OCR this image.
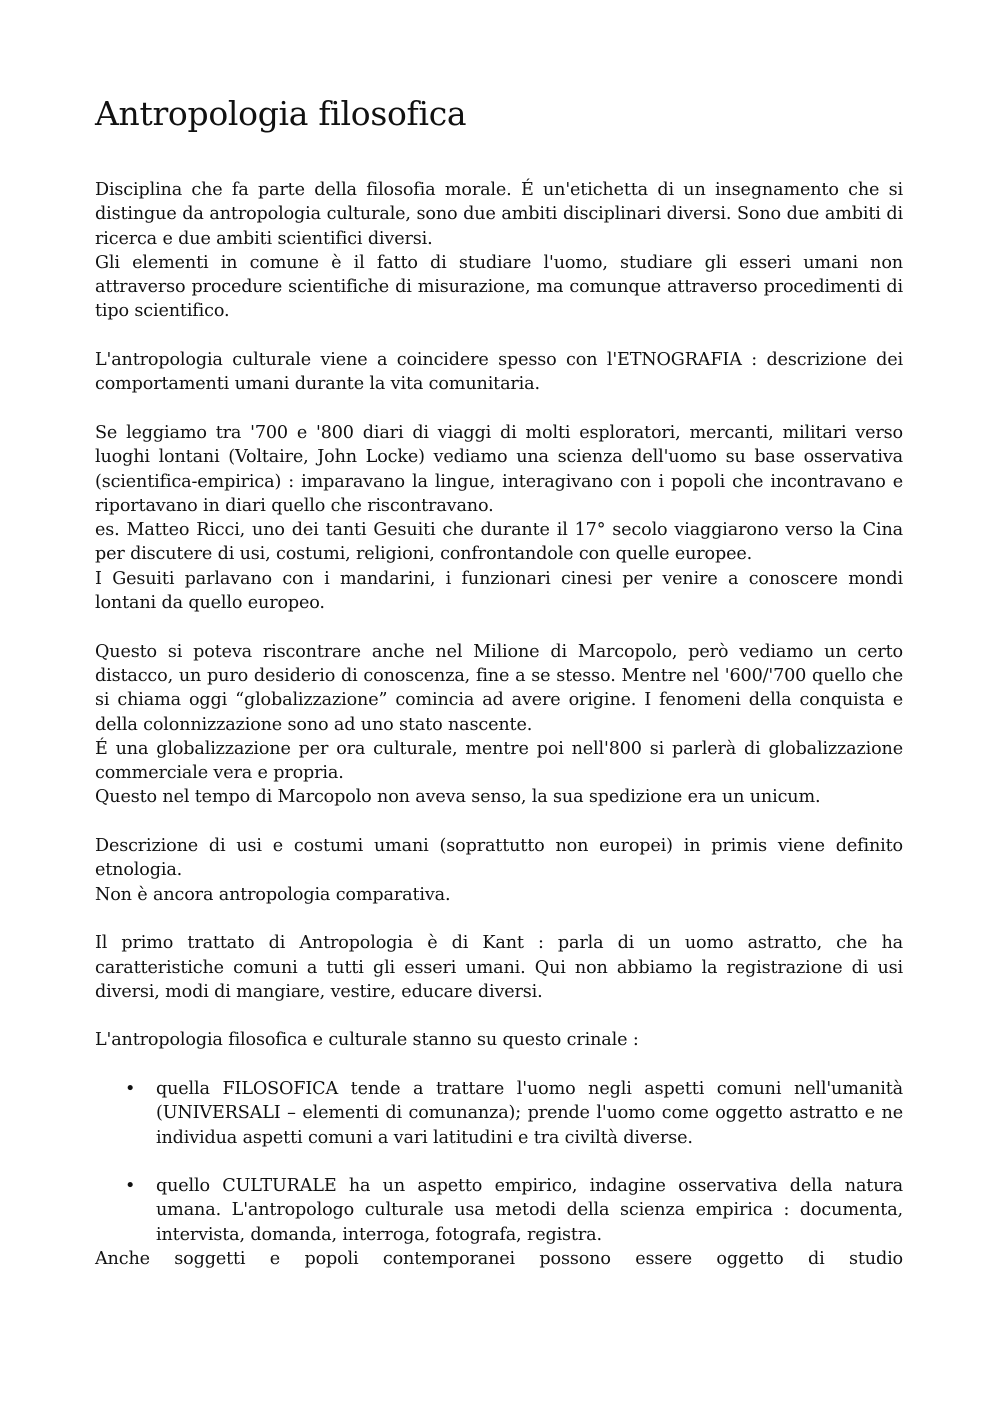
Antropologia filosofica

Disciplina che fa parte della filosofia morale. É un'etichetta di un insegnamento che si distingue da antropologia culturale, sono due ambiti disciplinari diversi. Sono due ambiti di ricerca e due ambiti scientifici diversi.

Gli elementi in comune è il fatto di studiare l'uomo, studiare gli esseri umani non attraverso procedure scientifiche di misurazione, ma comunque attraverso procedimenti di tipo scientifico.

L'antropologia culturale viene a coincidere spesso con l'ETNOGRAFIA : descrizione dei comportamenti umani durante la vita comunitaria.

Se leggiamo tra '700 e '800 diari di viaggi di molti esploratori, mercanti, militari verso luoghi lontani (Voltaire, John Locke) vediamo una scienza dell'uomo su base osservativa (scientifica-empirica) : imparavano la lingue, interagivano con i popoli che incontravano e riportavano in diari quello che riscontravano.

es. Matteo Ricci, uno dei tanti Gesuiti che durante il 17° secolo viaggiarono verso la Cina per discutere di usi, costumi, religioni, confrontandole con quelle europee.

I Gesuiti parlavano con i mandarini, i funzionari cinesi per venire a conoscere mondi lontani da quello europeo.

Questo si poteva riscontrare anche nel Milione di Marcopolo, però vediamo un certo distacco, un puro desiderio di conoscenza, fine a se stesso. Mentre nel '600/'700 quello che si chiama oggi “globalizzazione” comincia ad avere origine. I fenomeni della conquista e della colonnizzazione sono ad uno stato nascente.

É una globalizzazione per ora culturale, mentre poi nell'800 si parlerà di globalizzazione commerciale vera e propria.

Questo nel tempo di Marcopolo non aveva senso, la sua spedizione era un unicum.

Descrizione di usi e costumi umani (soprattutto non europei) in primis viene definito etnologia.

Non è ancora antropologia comparativa.

Il primo trattato di Antropologia è di Kant : parla di un uomo astratto, che ha caratteristiche comuni a tutti gli esseri umani. Qui non abbiamo la registrazione di usi diversi, modi di mangiare, vestire, educare diversi.

L'antropologia filosofica e culturale stanno su questo crinale :

• quella FILOSOFICA tende a trattare l'uomo negli aspetti comuni nell'umanità (UNIVERSALI – elementi di comunanza); prende l'uomo come oggetto astratto e ne individua aspetti comuni a vari latitudini e tra civiltà diverse.
• quello CULTURALE ha un aspetto empirico, indagine osservativa della natura umana. L'antropologo culturale usa metodi della scienza empirica : documenta, intervista, domanda, interroga, fotografa, registra.

Anche soggetti e popoli contemporanei possono essere oggetto di studio
